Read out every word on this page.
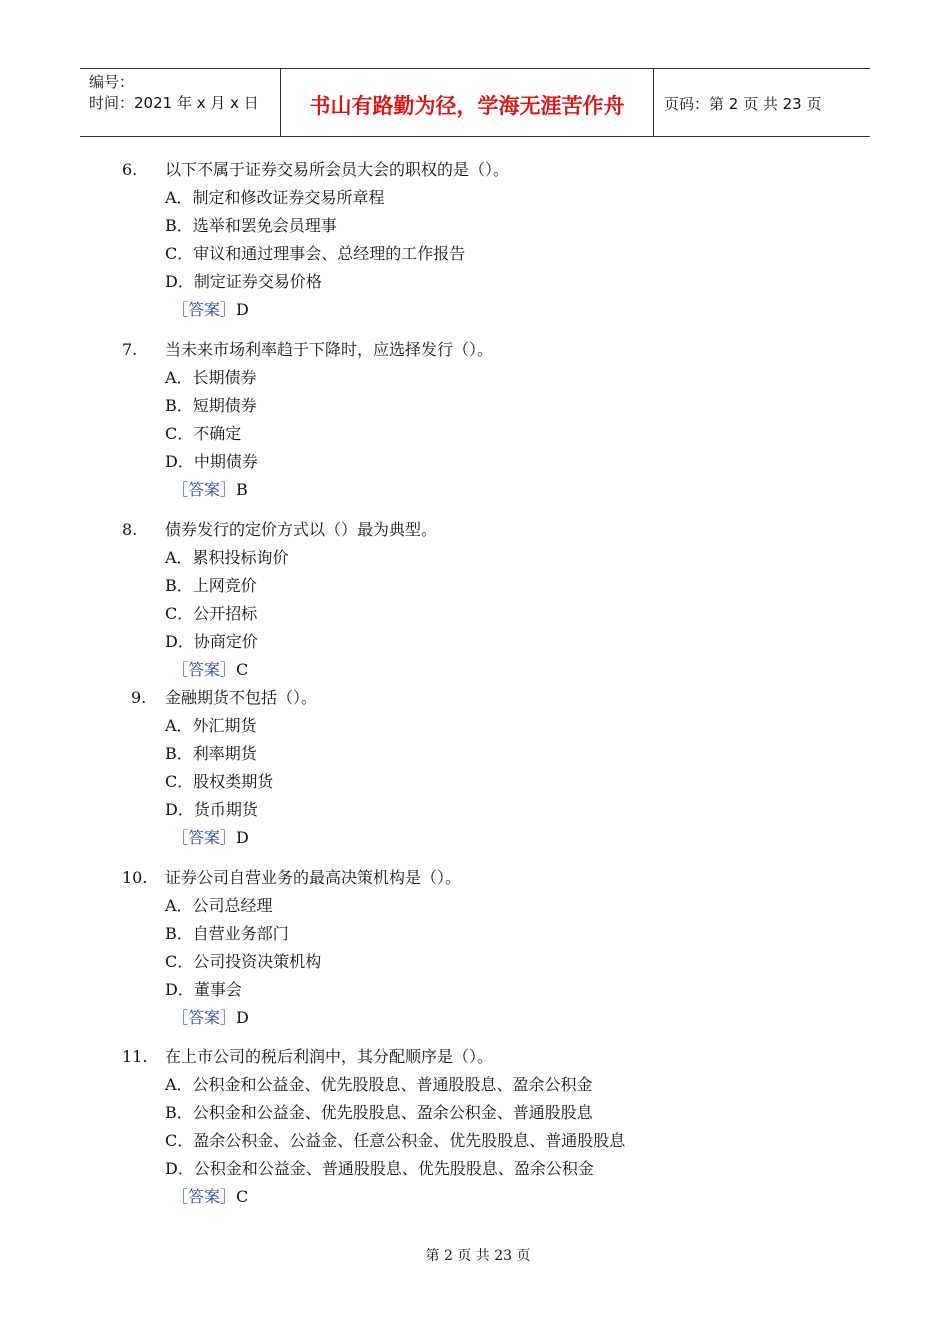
编号：
时间：2021 年 x 月 x 日	书山有路勤为径，学海无涯苦作舟	页码：第 2 页 共 23 页
6. 以下不属于证券交易所会员大会的职权的是（）。
A．制定和修改证券交易所章程
B．选举和罢免会员理事
C．审议和通过理事会、总经理的工作报告
D．制定证券交易价格
［答案］D
7. 当未来市场利率趋于下降时，应选择发行（）。
A．长期债券
B．短期债券
C．不确定
D．中期债券
［答案］B
8. 债券发行的定价方式以（）最为典型。
A．累积投标询价
B．上网竞价
C．公开招标
D．协商定价
［答案］C
9. 金融期货不包括（）。
A．外汇期货
B．利率期货
C．股权类期货
D．货币期货
［答案］D
10. 证券公司自营业务的最高决策机构是（）。
A．公司总经理
B．自营业务部门
C．公司投资决策机构
D．董事会
［答案］D
11. 在上市公司的税后利润中，其分配顺序是（）。
A．公积金和公益金、优先股股息、普通股股息、盈余公积金
B．公积金和公益金、优先股股息、盈余公积金、普通股股息
C．盈余公积金、公益金、任意公积金、优先股股息、普通股股息
D．公积金和公益金、普通股股息、优先股股息、盈余公积金
［答案］C
第 2 页 共 23 页
